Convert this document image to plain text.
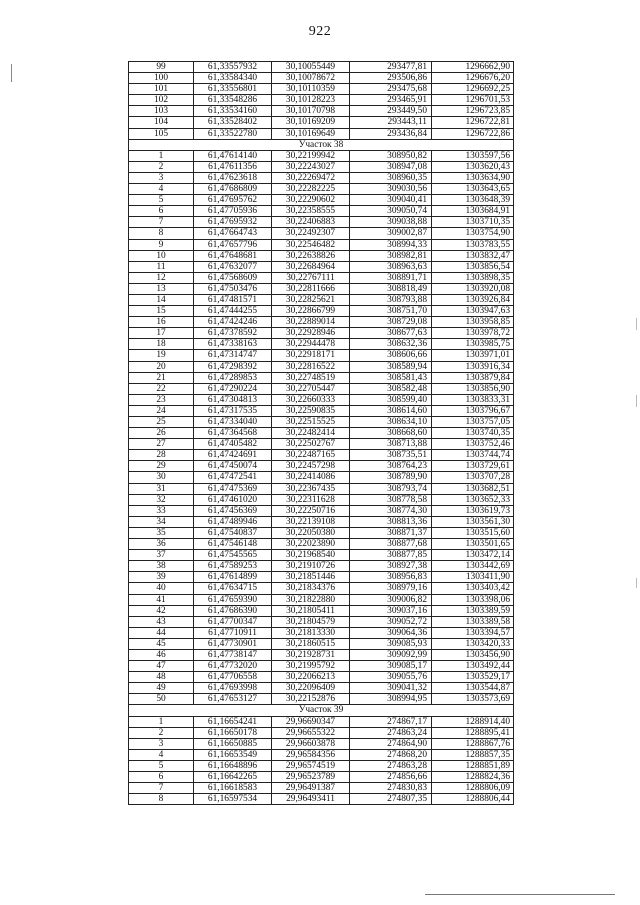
922
99	61,33557932	30,10055449	293477,81	1296662,90
100	61,33584340	30,10078672	293506,86	1296676,20
101	61,33556801	30,10110359	293475,68	1296692,25
102	61,33548286	30,10128223	293465,91	1296701,53
103	61,33534160	30,10170798	293449,50	1296723,85
104	61,33528402	30,10169209	293443,11	1296722,81
105	61,33522780	30,10169649	293436,84	1296722,86
Участок 38				
1	61,47614140	30,22199942	308950,82	1303597,56
2	61,47611356	30,22243027	308947,08	1303620,43
3	61,47623618	30,22269472	308960,35	1303634,90
4	61,47686809	30,22282225	309030,56	1303643,65
5	61,47695762	30,22290602	309040,41	1303648,39
6	61,47705936	30,22358555	309050,74	1303684,91
7	61,47695932	30,22406883	309038,88	1303710,35
8	61,47664743	30,22492307	309002,87	1303754,90
9	61,47657796	30,22546482	308994,33	1303783,55
10	61,47648681	30,22638826	308982,81	1303832,47
11	61,47632077	30,22684964	308963,63	1303856,54
12	61,47568609	30,22767111	308891,71	1303898,35
13	61,47503476	30,22811666	308818,49	1303920,08
14	61,47481571	30,22825621	308793,88	1303926,84
15	61,47444255	30,22866799	308751,70	1303947,63
16	61,47424246	30,22889014	308729,08	1303958,85
17	61,47378592	30,22928946	308677,63	1303978,72
18	61,47338163	30,22944478	308632,36	1303985,75
19	61,47314747	30,22918171	308606,66	1303971,01
20	61,47298392	30,22816522	308589,94	1303916,34
21	61,47289853	30,22748519	308581,43	1303879,84
22	61,47290224	30,22705447	308582,48	1303856,90
23	61,47304813	30,22660333	308599,40	1303833,31
24	61,47317535	30,22590835	308614,60	1303796,67
25	61,47334040	30,22515525	308634,10	1303757,05
26	61,47364568	30,22482414	308668,60	1303740,35
27	61,47405482	30,22502767	308713,88	1303752,46
28	61,47424691	30,22487165	308735,51	1303744,74
29	61,47450074	30,22457298	308764,23	1303729,61
30	61,47472541	30,22414086	308789,90	1303707,28
31	61,47475369	30,22367435	308793,74	1303682,51
32	61,47461020	30,22311628	308778,58	1303652,33
33	61,47456369	30,22250716	308774,30	1303619,73
34	61,47489946	30,22139108	308813,36	1303561,30
35	61,47540837	30,22050380	308871,37	1303515,60
36	61,47546148	30,22023890	308877,68	1303501,65
37	61,47545565	30,21968540	308877,85	1303472,14
38	61,47589253	30,21910726	308927,38	1303442,69
39	61,47614899	30,21851446	308956,83	1303411,90
40	61,47634715	30,21834376	308979,16	1303403,42
41	61,47659390	30,21822880	309006,82	1303398,06
42	61,47686390	30,21805411	309037,16	1303389,59
43	61,47700347	30,21804579	309052,72	1303389,58
44	61,47710911	30,21813330	309064,36	1303394,57
45	61,47730901	30,21860515	309085,93	1303420,33
46	61,47738147	30,21928731	309092,99	1303456,90
47	61,47732020	30,21995792	309085,17	1303492,44
48	61,47706558	30,22066213	309055,76	1303529,17
49	61,47693998	30,22096409	309041,32	1303544,87
50	61,47653127	30,22152876	308994,95	1303573,69
Участок 39				
1	61,16654241	29,96690347	274867,17	1288914,40
2	61,16650178	29,96655322	274863,24	1288895,41
3	61,16650885	29,96603878	274864,90	1288867,76
4	61,16653549	29,96584356	274868,20	1288857,35
5	61,16648896	29,96574519	274863,28	1288851,89
6	61,16642265	29,96523789	274856,66	1288824,36
7	61,16618583	29,96491387	274830,83	1288806,09
8	61,16597534	29,96493411	274807,35	1288806,44
